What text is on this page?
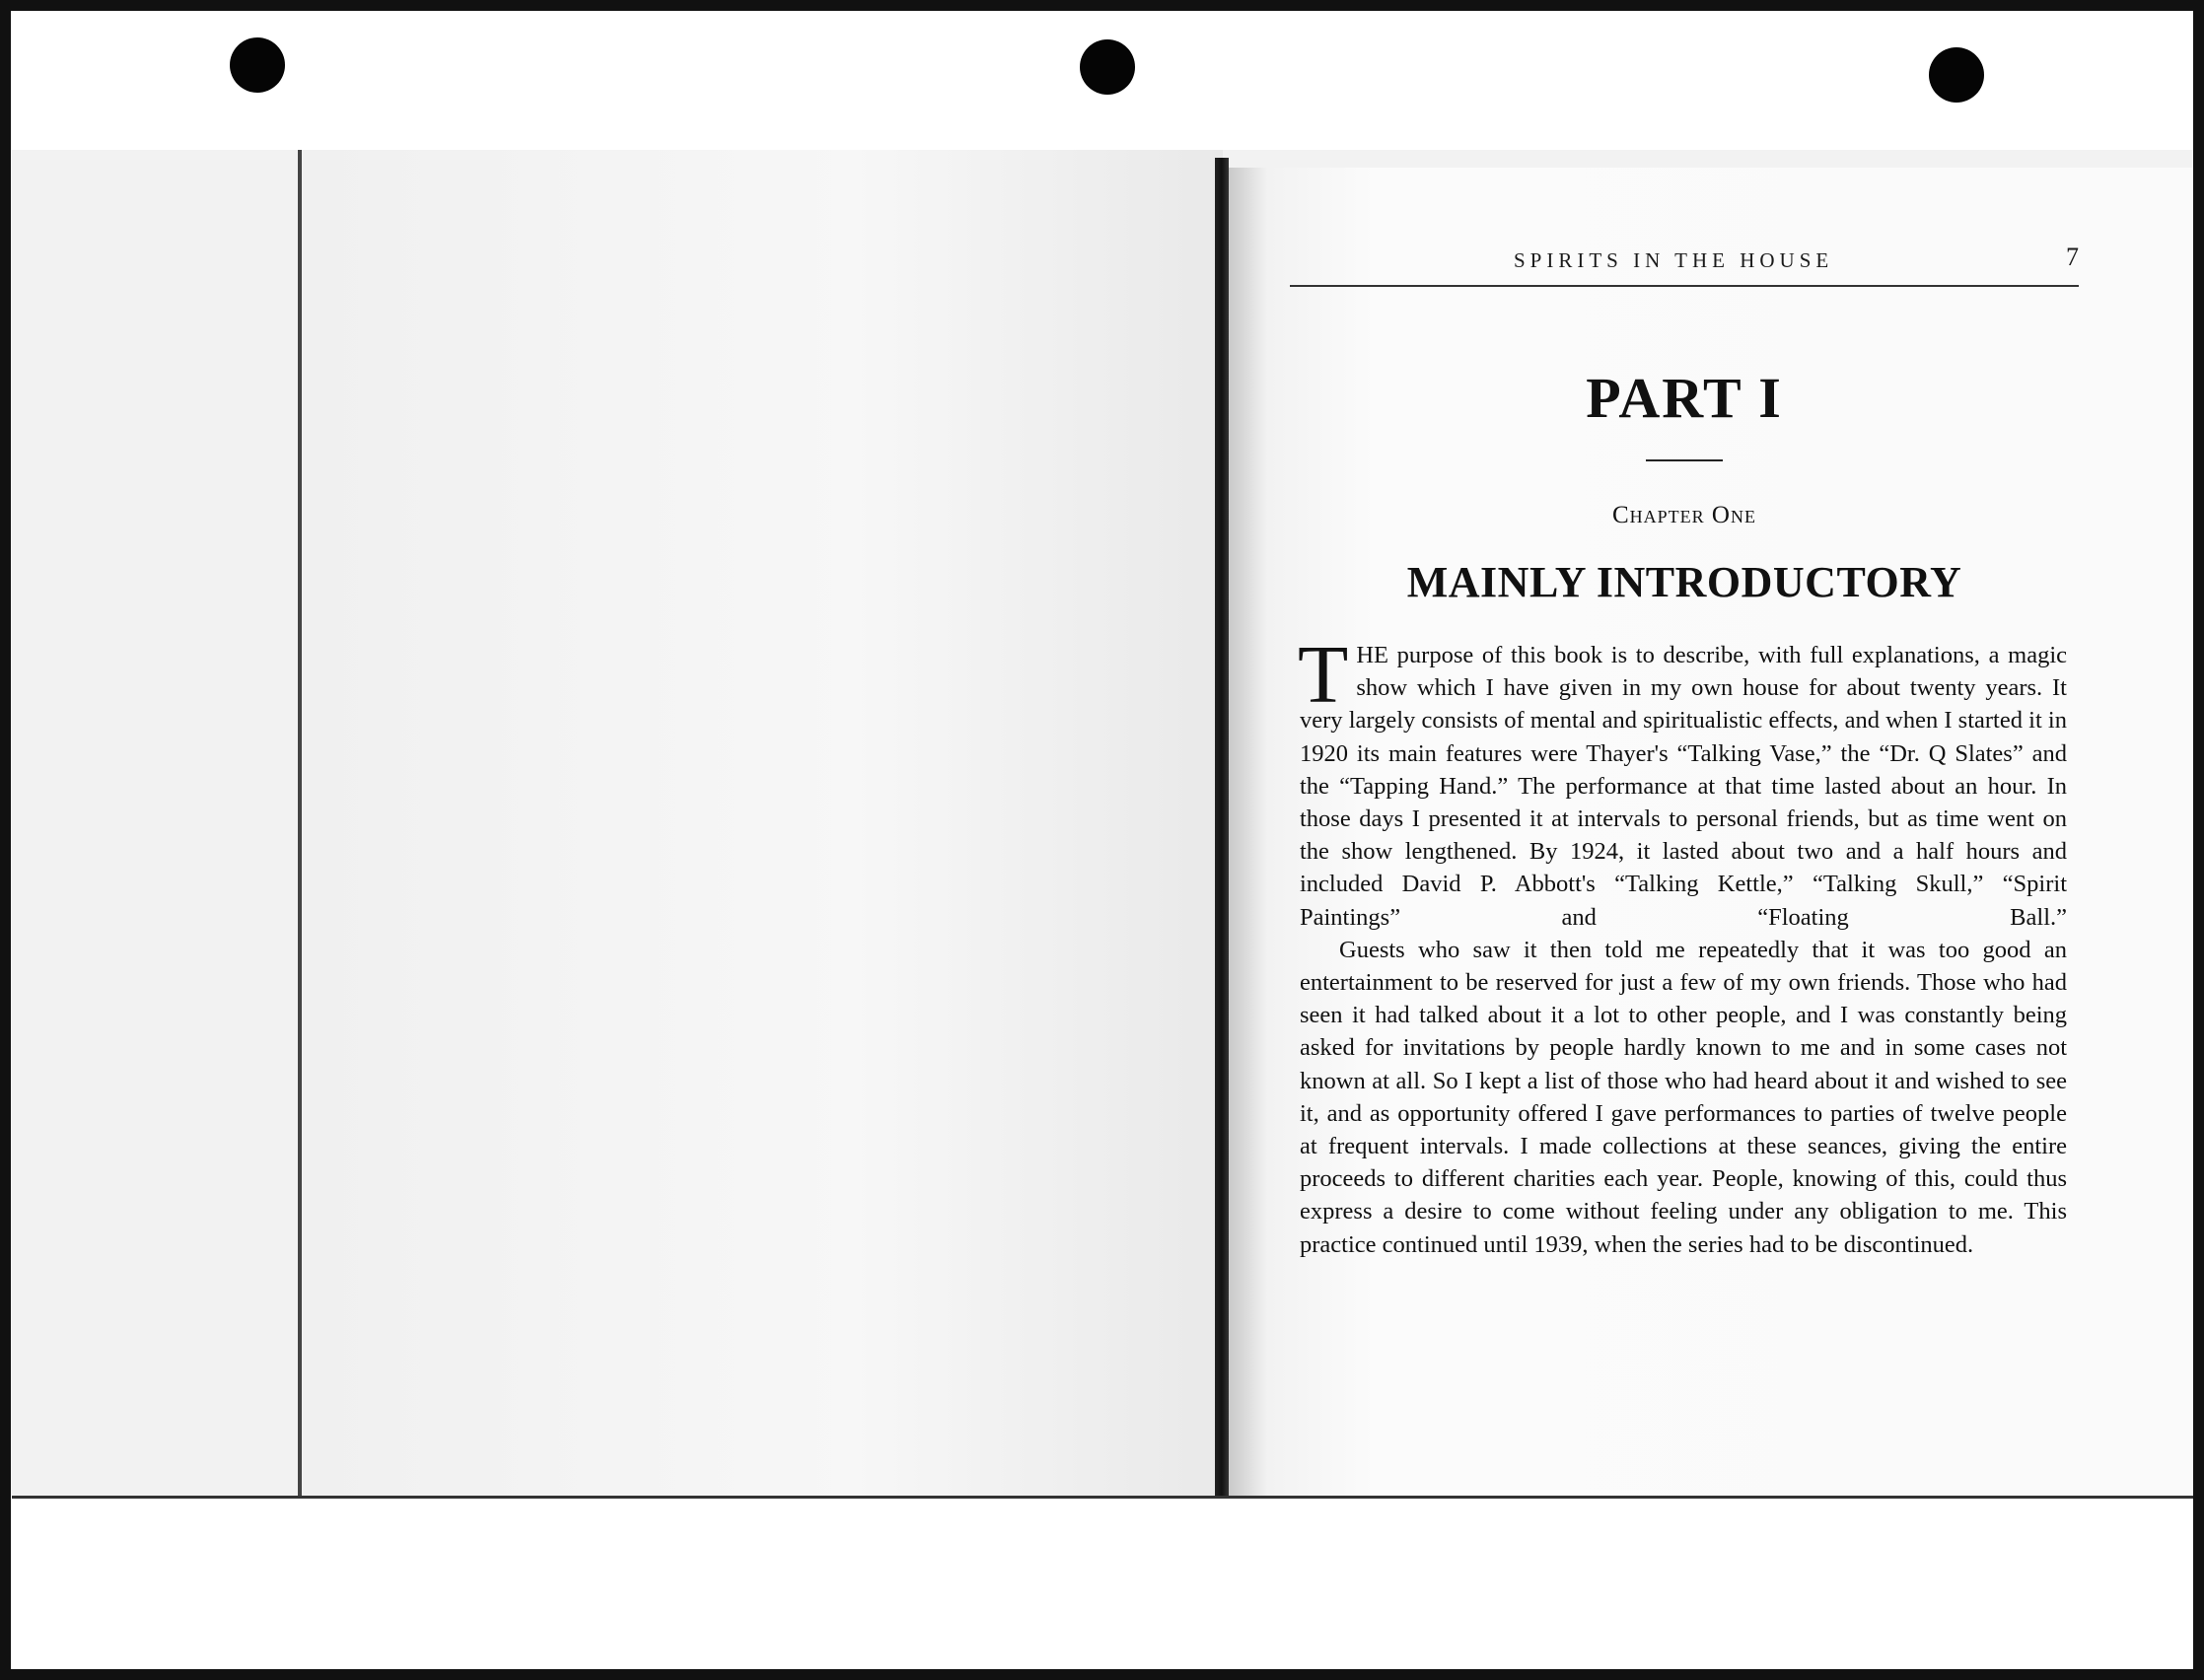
SPIRITS IN THE HOUSE	7
PART I
Chapter One
MAINLY INTRODUCTORY

THE purpose of this book is to describe, with full explanations, a magic show which I have given in my own house for about twenty years. It very largely consists of mental and spiritualistic effects, and when I started it in 1920 its main features were Thayer's “Talking Vase,” the “Dr. Q Slates” and the “Tapping Hand.” The performance at that time lasted about an hour. In those days I presented it at intervals to personal friends, but as time went on the show lengthened. By 1924, it lasted about two and a half hours and included David P. Abbott's “Talking Kettle,” “Talking Skull,” “Spirit Paintings” and “Floating Ball.”

Guests who saw it then told me repeatedly that it was too good an entertainment to be reserved for just a few of my own friends. Those who had seen it had talked about it a lot to other people, and I was constantly being asked for invitations by people hardly known to me and in some cases not known at all. So I kept a list of those who had heard about it and wished to see it, and as opportunity offered I gave performances to parties of twelve people at frequent intervals. I made collections at these seances, giving the entire proceeds to different charities each year. People, knowing of this, could thus express a desire to come without feeling under any obligation to me. This practice continued until 1939, when the series had to be discontinued.
